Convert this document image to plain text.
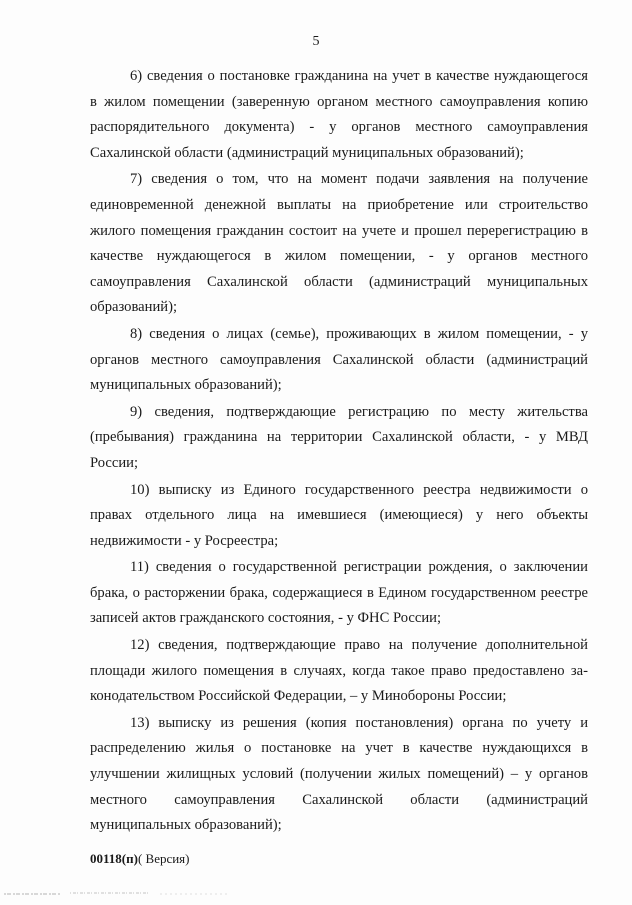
5

6) сведения о постановке гражданина на учет в качестве нуждающегося в жилом помещении (заверенную органом местного самоуправления копию распорядительного документа) - у органов местного самоуправления Сахалинской области (администраций муниципальных образований);

7) сведения о том, что на момент подачи заявления на получение единовременной денежной выплаты на приобретение или строительство жилого помещения гражданин состоит на учете и прошел перерегистрацию в качестве нуждающегося в жилом помещении, - у органов местного самоуправления Сахалинской области (администраций муниципальных образований);

8) сведения о лицах (семье), проживающих в жилом помещении, - у органов местного самоуправления Сахалинской области (администраций муниципальных образований);

9) сведения, подтверждающие регистрацию по месту жительства (пребывания) гражданина на территории Сахалинской области, - у МВД России;

10) выписку из Единого государственного реестра недвижимости о правах отдельного лица на имевшиеся (имеющиеся) у него объекты недвижимости - у Росреестра;

11) сведения о государственной регистрации рождения, о заключении брака, о расторжении брака, содержащиеся в Едином государственном реестре записей актов гражданского состояния, - у ФНС России;

12) сведения, подтверждающие право на получение дополнительной площади жилого помещения в случаях, когда такое право предоставлено законодательством Российской Федерации, – у Минобороны России;

13) выписку из решения (копия постановления) органа по учету и распределению жилья о постановке на учет в качестве нуждающихся в улучшении жилищных условий (получении жилых помещений) – у органов местного самоуправления Сахалинской области (администраций муниципальных образований);

00118(п)( Версия)
